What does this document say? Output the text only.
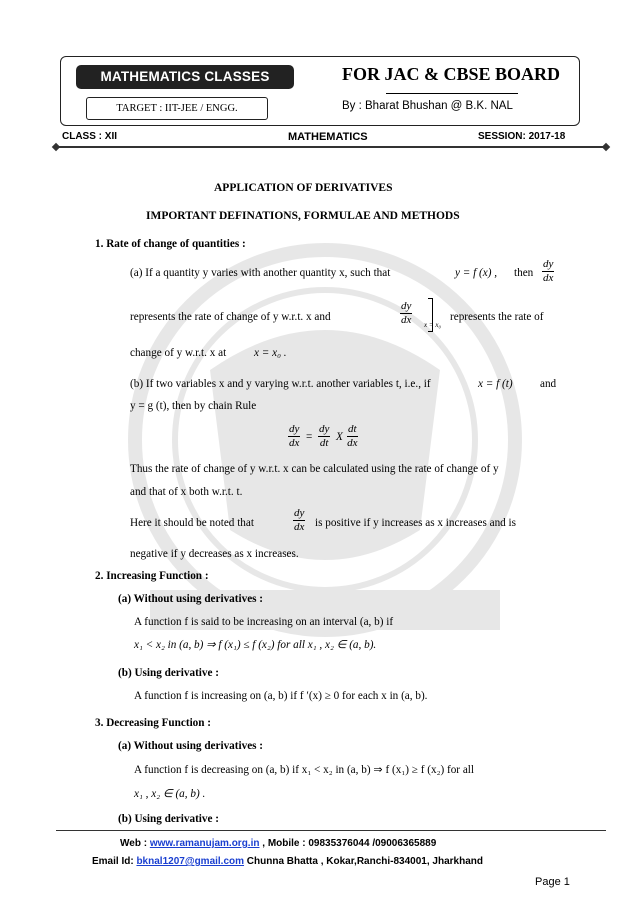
MATHEMATICS CLASSES
TARGET : IIT-JEE / ENGG.
FOR JAC & CBSE BOARD
By : Bharat Bhushan @ B.K. NAL
CLASS : XII	MATHEMATICS	SESSION: 2017-18
APPLICATION OF DERIVATIVES
IMPORTANT DEFINATIONS, FORMULAE AND METHODS
1. Rate of change of quantities :
(a) If a quantity y varies with another quantity x, such that	y = f (x) , then $\frac{dy}{dx}$
represents the rate of change of y w.r.t. x and	$\frac{dy}{dx}$ x = x₀
represents the rate of
change of y w.r.t. x at x = x₀ .
(b) If two variables x and y varying w.r.t. another variables t, i.e., if	x = f (t) and
y = g (t), then by chain Rule
$\frac{dy}{dx} = \frac{dy}{dt}$ X $\frac{dt}{dx}$
Thus the rate of change of y w.r.t. x can be calculated using the rate of change of y
and that of x both w.r.t. t.
Here it should be noted that	$\frac{dy}{dx}$ is positive if y increases as x increases and is
negative if y decreases as x increases.
2. Increasing Function :
(a) Without using derivatives :
A function f is said to be increasing on an interval (a, b) if
x₁ < x₂ in (a, b) ⇒ f (x₁) ≤ f (x₂) for all x₁ , x₂ ∈ (a, b).
(b) Using derivative :
A function f is increasing on (a, b) if f ′(x) ≥ 0 for each x in (a, b).
3. Decreasing Function :
(a) Without using derivatives :
A function f is decreasing on (a, b) if x₁ < x₂ in (a, b) ⇒ f (x₁) ≥ f (x₂) for all
x₁ , x₂ ∈ (a, b) .
(b) Using derivative :
Web : www.ramanujam.org.in , Mobile : 09835376044 /09006365889
Email Id: bknal1207@gmail.com Chunna Bhatta , Kokar,Ranchi-834001, Jharkhand
Page 1
